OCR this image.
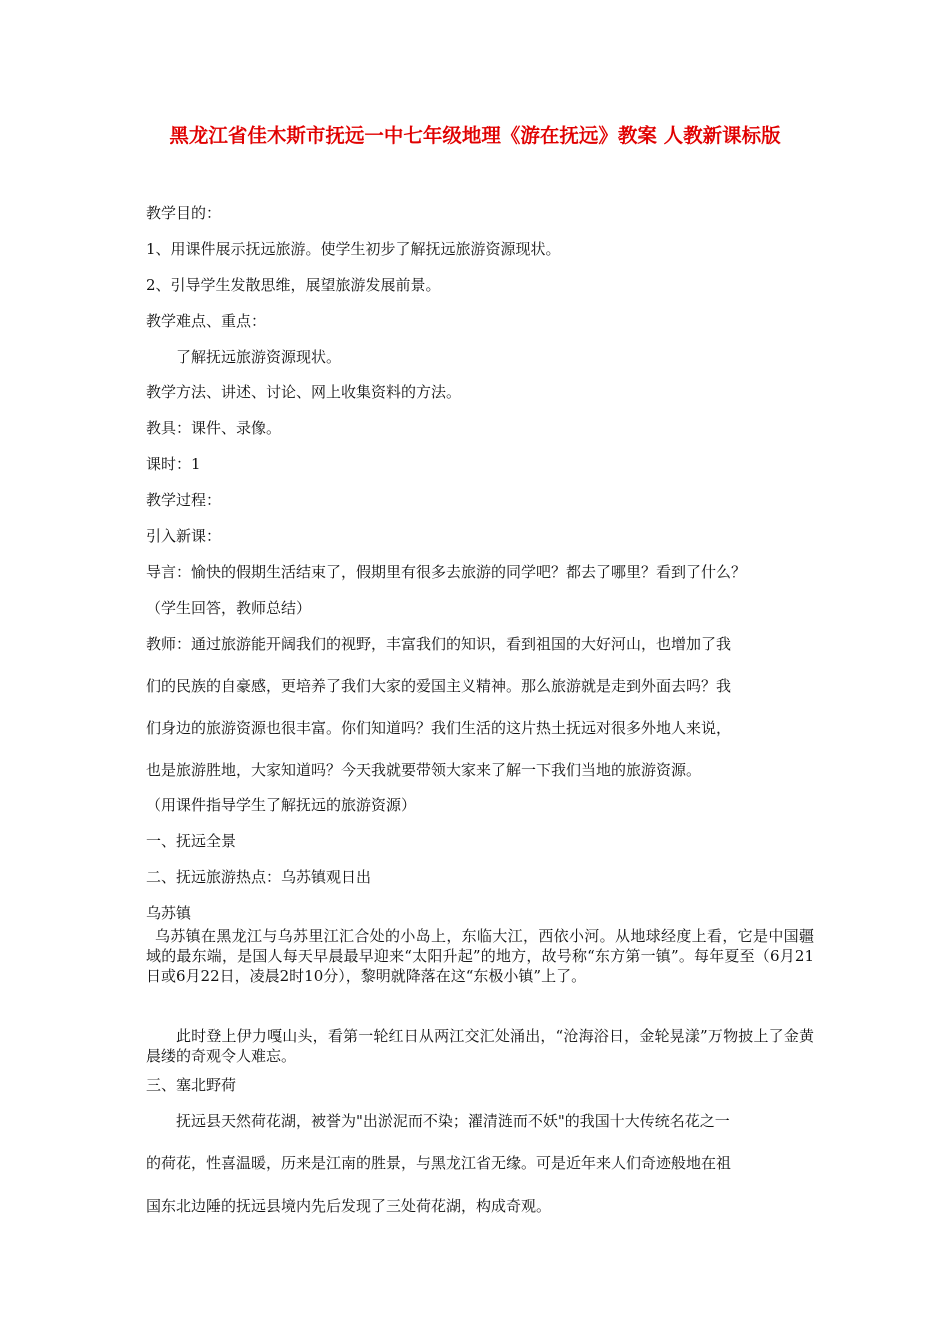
黑龙江省佳木斯市抚远一中七年级地理《游在抚远》教案 人教新课标版
教学目的：
1、用课件展示抚远旅游。使学生初步了解抚远旅游资源现状。
2、引导学生发散思维，展望旅游发展前景。
教学难点、重点：
了解抚远旅游资源现状。
教学方法、讲述、讨论、网上收集资料的方法。
教具：课件、录像。
课时：1
教学过程：
引入新课：
导言：愉快的假期生活结束了，假期里有很多去旅游的同学吧？都去了哪里？看到了什么？
（学生回答，教师总结）
教师：通过旅游能开阔我们的视野，丰富我们的知识，看到祖国的大好河山，也增加了我
们的民族的自豪感，更培养了我们大家的爱国主义精神。那么旅游就是走到外面去吗？我
们身边的旅游资源也很丰富。你们知道吗？我们生活的这片热土抚远对很多外地人来说，
也是旅游胜地，大家知道吗？今天我就要带领大家来了解一下我们当地的旅游资源。
（用课件指导学生了解抚远的旅游资源）
一、抚远全景
二、抚远旅游热点：乌苏镇观日出
乌苏镇
乌苏镇在黑龙江与乌苏里江汇合处的小岛上，东临大江，西依小河。从地球经度上看，它是中国疆域的最东端，是国人每天早晨最早迎来“太阳升起”的地方，故号称“东方第一镇”。每年夏至（6月21日或6月22日，凌晨2时10分），黎明就降落在这“东极小镇”上了。
此时登上伊力嘎山头，看第一轮红日从两江交汇处涌出，“沧海浴日，金轮晃漾”万物披上了金黄晨缕的奇观令人难忘。
三、塞北野荷
抚远县天然荷花湖，被誉为"出淤泥而不染；濯清涟而不妖"的我国十大传统名花之一
的荷花，性喜温暖，历来是江南的胜景，与黑龙江省无缘。可是近年来人们奇迹般地在祖
国东北边陲的抚远县境内先后发现了三处荷花湖，构成奇观。
